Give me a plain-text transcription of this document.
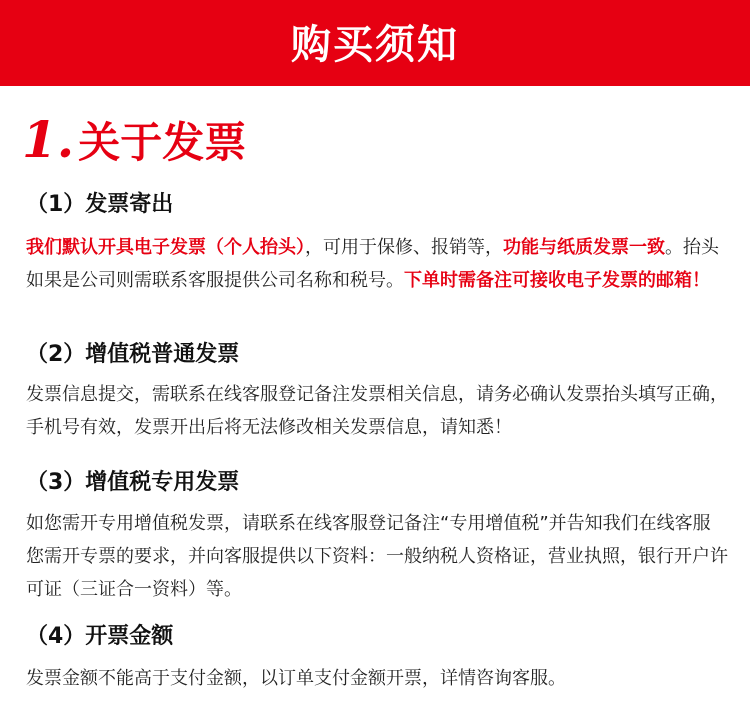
购买须知
1. 关于发票
（1）发票寄出
我们默认开具电子发票（个人抬头），可用于保修、报销等，功能与纸质发票一致。抬头如果是公司则需联系客服提供公司名称和税号。下单时需备注可接收电子发票的邮箱！
（2）增值税普通发票
发票信息提交，需联系在线客服登记备注发票相关信息，请务必确认发票抬头填写正确，手机号有效，发票开出后将无法修改相关发票信息，请知悉！
（3）增值税专用发票
如您需开专用增值税发票，请联系在线客服登记备注“专用增值税”并告知我们在线客服您需开专票的要求，并向客服提供以下资料：一般纳税人资格证，营业执照，银行开户许可证（三证合一资料）等。
（4）开票金额
发票金额不能高于支付金额，以订单支付金额开票，详情咨询客服。
